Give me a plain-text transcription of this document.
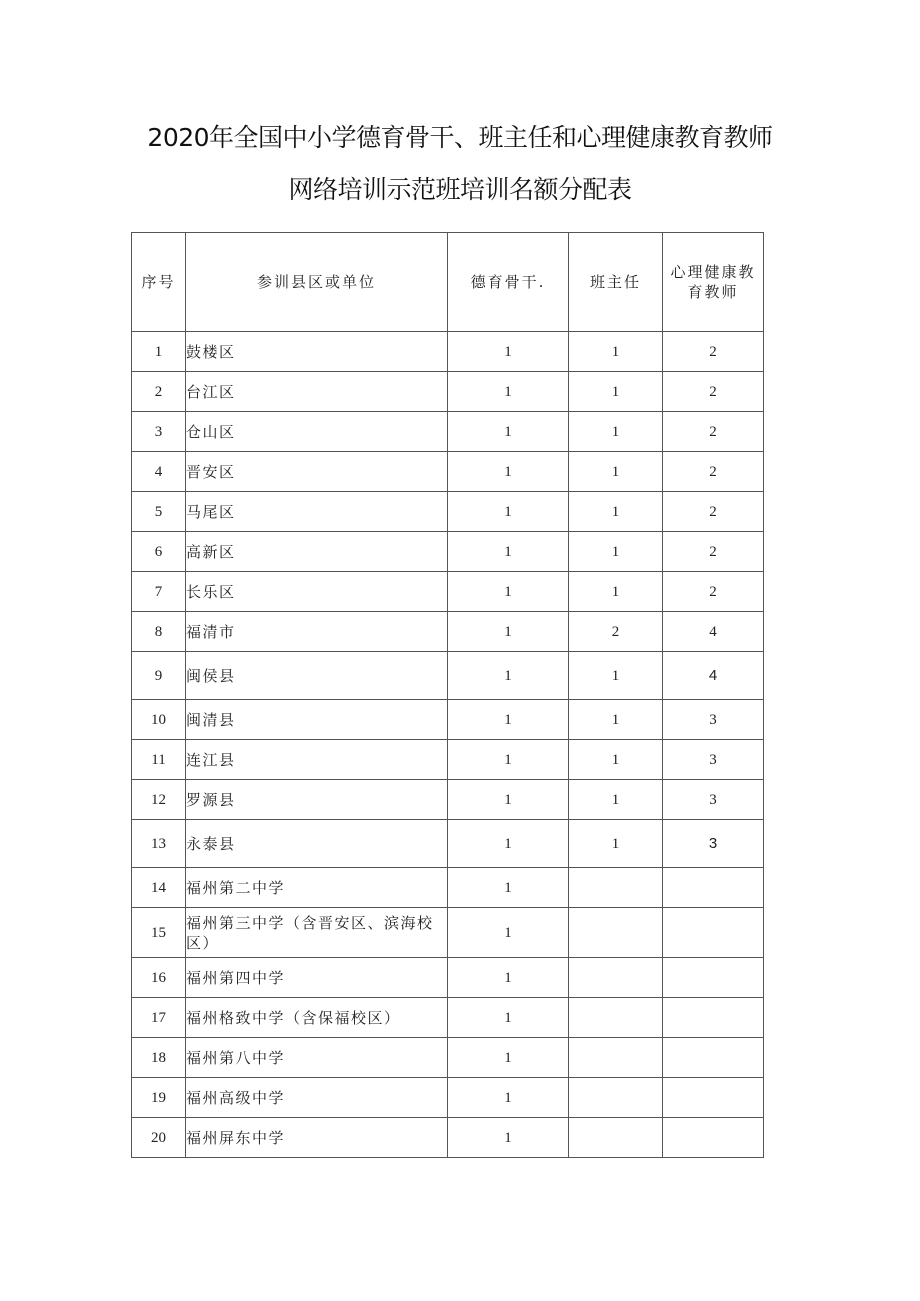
2020年全国中小学德育骨干、班主任和心理健康教育教师
网络培训示范班培训名额分配表
序号	参训县区或单位	德育骨干.	班主任	心理健康教
育教师
1	鼓楼区	1	1	2
2	台江区	1	1	2
3	仓山区	1	1	2
4	晋安区	1	1	2
5	马尾区	1	1	2
6	高新区	1	1	2
7	长乐区	1	1	2
8	福清市	1	2	4
9	闽侯县	1	1	4
10	闽清县	1	1	3
11	连江县	1	1	3
12	罗源县	1	1	3
13	永泰县	1	1	3
14	福州第二中学	1		
15	福州第三中学（含晋安区、滨海校区）	1		
16	福州第四中学	1		
17	福州格致中学（含保福校区）	1		
18	福州第八中学	1		
19	福州高级中学	1		
20	福州屏东中学	1		
